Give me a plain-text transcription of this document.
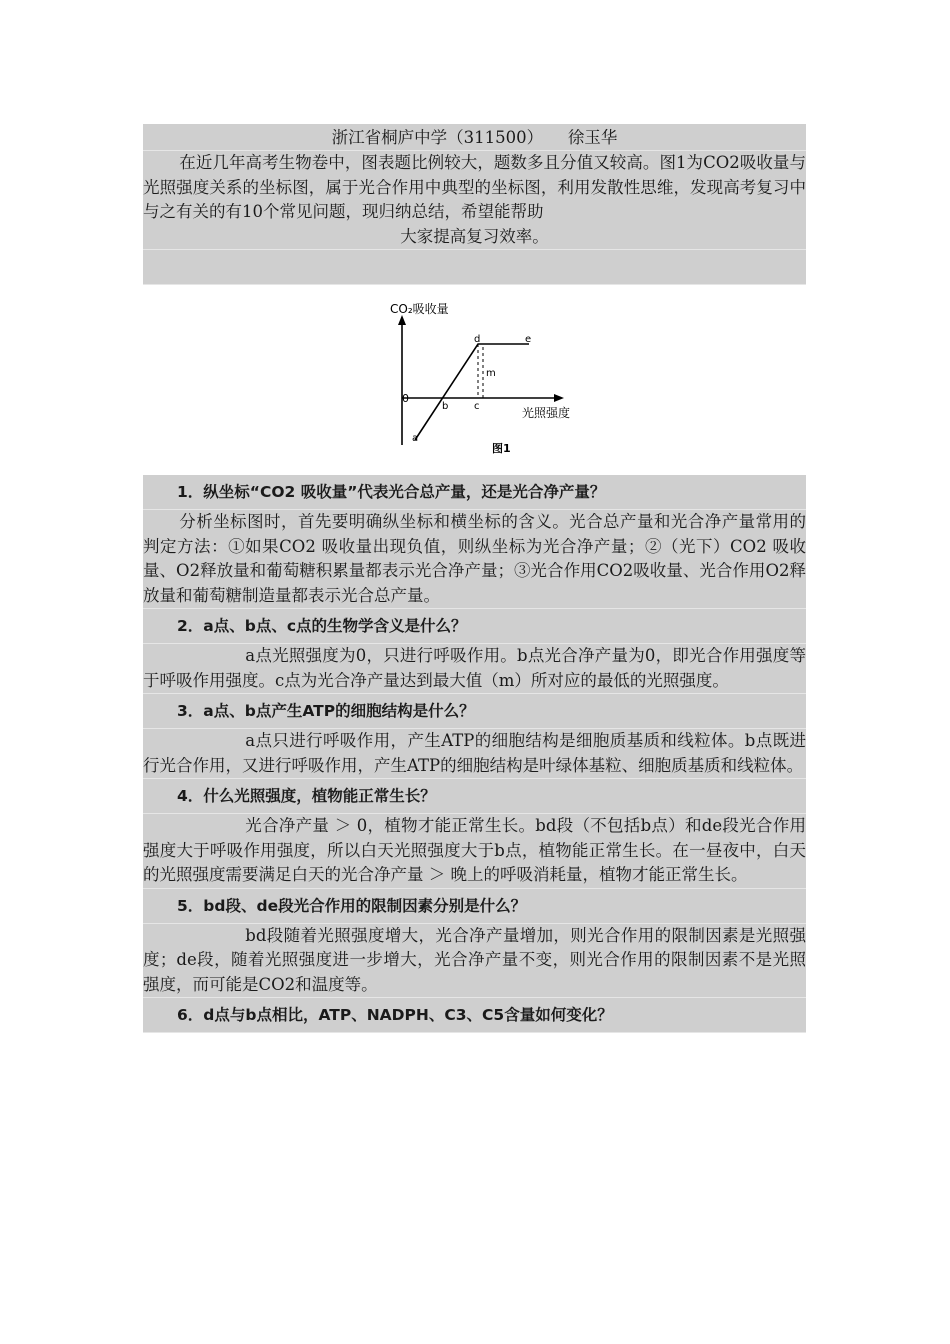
浙江省桐庐中学（311500）　　徐玉华
在近几年高考生物卷中，图表题比例较大，题数多且分值又较高。图1为CO2吸收量与光照强度关系的坐标图，属于光合作用中典型的坐标图，利用发散性思维，发现高考复习中与之有关的有10个常见问题，现归纳总结，希望能帮助
大家提高复习效率。
CO₂吸收量
光照强度
0
a
b	c
d	e
m
图1
1．纵坐标“CO2 吸收量”代表光合总产量，还是光合净产量？
分析坐标图时，首先要明确纵坐标和横坐标的含义。光合总产量和光合净产量常用的判定方法：①如果CO2 吸收量出现负值，则纵坐标为光合净产量；②（光下）CO2 吸收量、O2释放量和葡萄糖积累量都表示光合净产量；③光合作用CO2吸收量、光合作用O2释放量和葡萄糖制造量都表示光合总产量。
2．a点、b点、c点的生物学含义是什么？
a点光照强度为0，只进行呼吸作用。b点光合净产量为0，即光合作用强度等于呼吸作用强度。c点为光合净产量达到最大值（m）所对应的最低的光照强度。
3．a点、b点产生ATP的细胞结构是什么？
a点只进行呼吸作用，产生ATP的细胞结构是细胞质基质和线粒体。b点既进行光合作用，又进行呼吸作用，产生ATP的细胞结构是叶绿体基粒、细胞质基质和线粒体。
4．什么光照强度，植物能正常生长？
光合净产量 ＞ 0，植物才能正常生长。bd段（不包括b点）和de段光合作用强度大于呼吸作用强度，所以白天光照强度大于b点，植物能正常生长。在一昼夜中，白天的光照强度需要满足白天的光合净产量 ＞ 晚上的呼吸消耗量，植物才能正常生长。
5．bd段、de段光合作用的限制因素分别是什么？
bd段随着光照强度增大，光合净产量增加，则光合作用的限制因素是光照强度；de段，随着光照强度进一步增大，光合净产量不变，则光合作用的限制因素不是光照强度，而可能是CO2和温度等。
6．d点与b点相比，ATP、NADPH、C3、C5含量如何变化？
